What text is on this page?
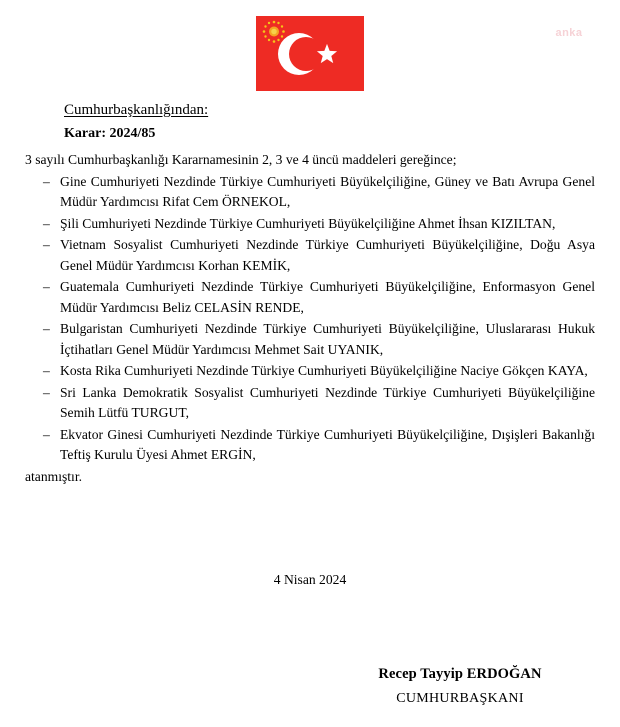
anka
Cumhurbaşkanlığından:
Karar: 2024/85

3 sayılı Cumhurbaşkanlığı Kararnamesinin 2, 3 ve 4 üncü maddeleri gereğince;

– Gine Cumhuriyeti Nezdinde Türkiye Cumhuriyeti Büyükelçiliğine, Güney ve Batı Avrupa Genel Müdür Yardımcısı Rifat Cem ÖRNEKOL,
– Şili Cumhuriyeti Nezdinde Türkiye Cumhuriyeti Büyükelçiliğine Ahmet İhsan KIZILTAN,
– Vietnam Sosyalist Cumhuriyeti Nezdinde Türkiye Cumhuriyeti Büyükelçiliğine, Doğu Asya Genel Müdür Yardımcısı Korhan KEMİK,
– Guatemala Cumhuriyeti Nezdinde Türkiye Cumhuriyeti Büyükelçiliğine, Enformasyon Genel Müdür Yardımcısı Beliz CELASİN RENDE,
– Bulgaristan Cumhuriyeti Nezdinde Türkiye Cumhuriyeti Büyükelçiliğine, Uluslararası Hukuk İçtihatları Genel Müdür Yardımcısı Mehmet Sait UYANIK,
– Kosta Rika Cumhuriyeti Nezdinde Türkiye Cumhuriyeti Büyükelçiliğine Naciye Gökçen KAYA,
– Sri Lanka Demokratik Sosyalist Cumhuriyeti Nezdinde Türkiye Cumhuriyeti Büyükelçiliğine Semih Lütfü TURGUT,
– Ekvator Ginesi Cumhuriyeti Nezdinde Türkiye Cumhuriyeti Büyükelçiliğine, Dışişleri Bakanlığı Teftiş Kurulu Üyesi Ahmet ERGİN,

atanmıştır.

4 Nisan 2024
Recep Tayyip ERDOĞAN
CUMHURBAŞKANI
